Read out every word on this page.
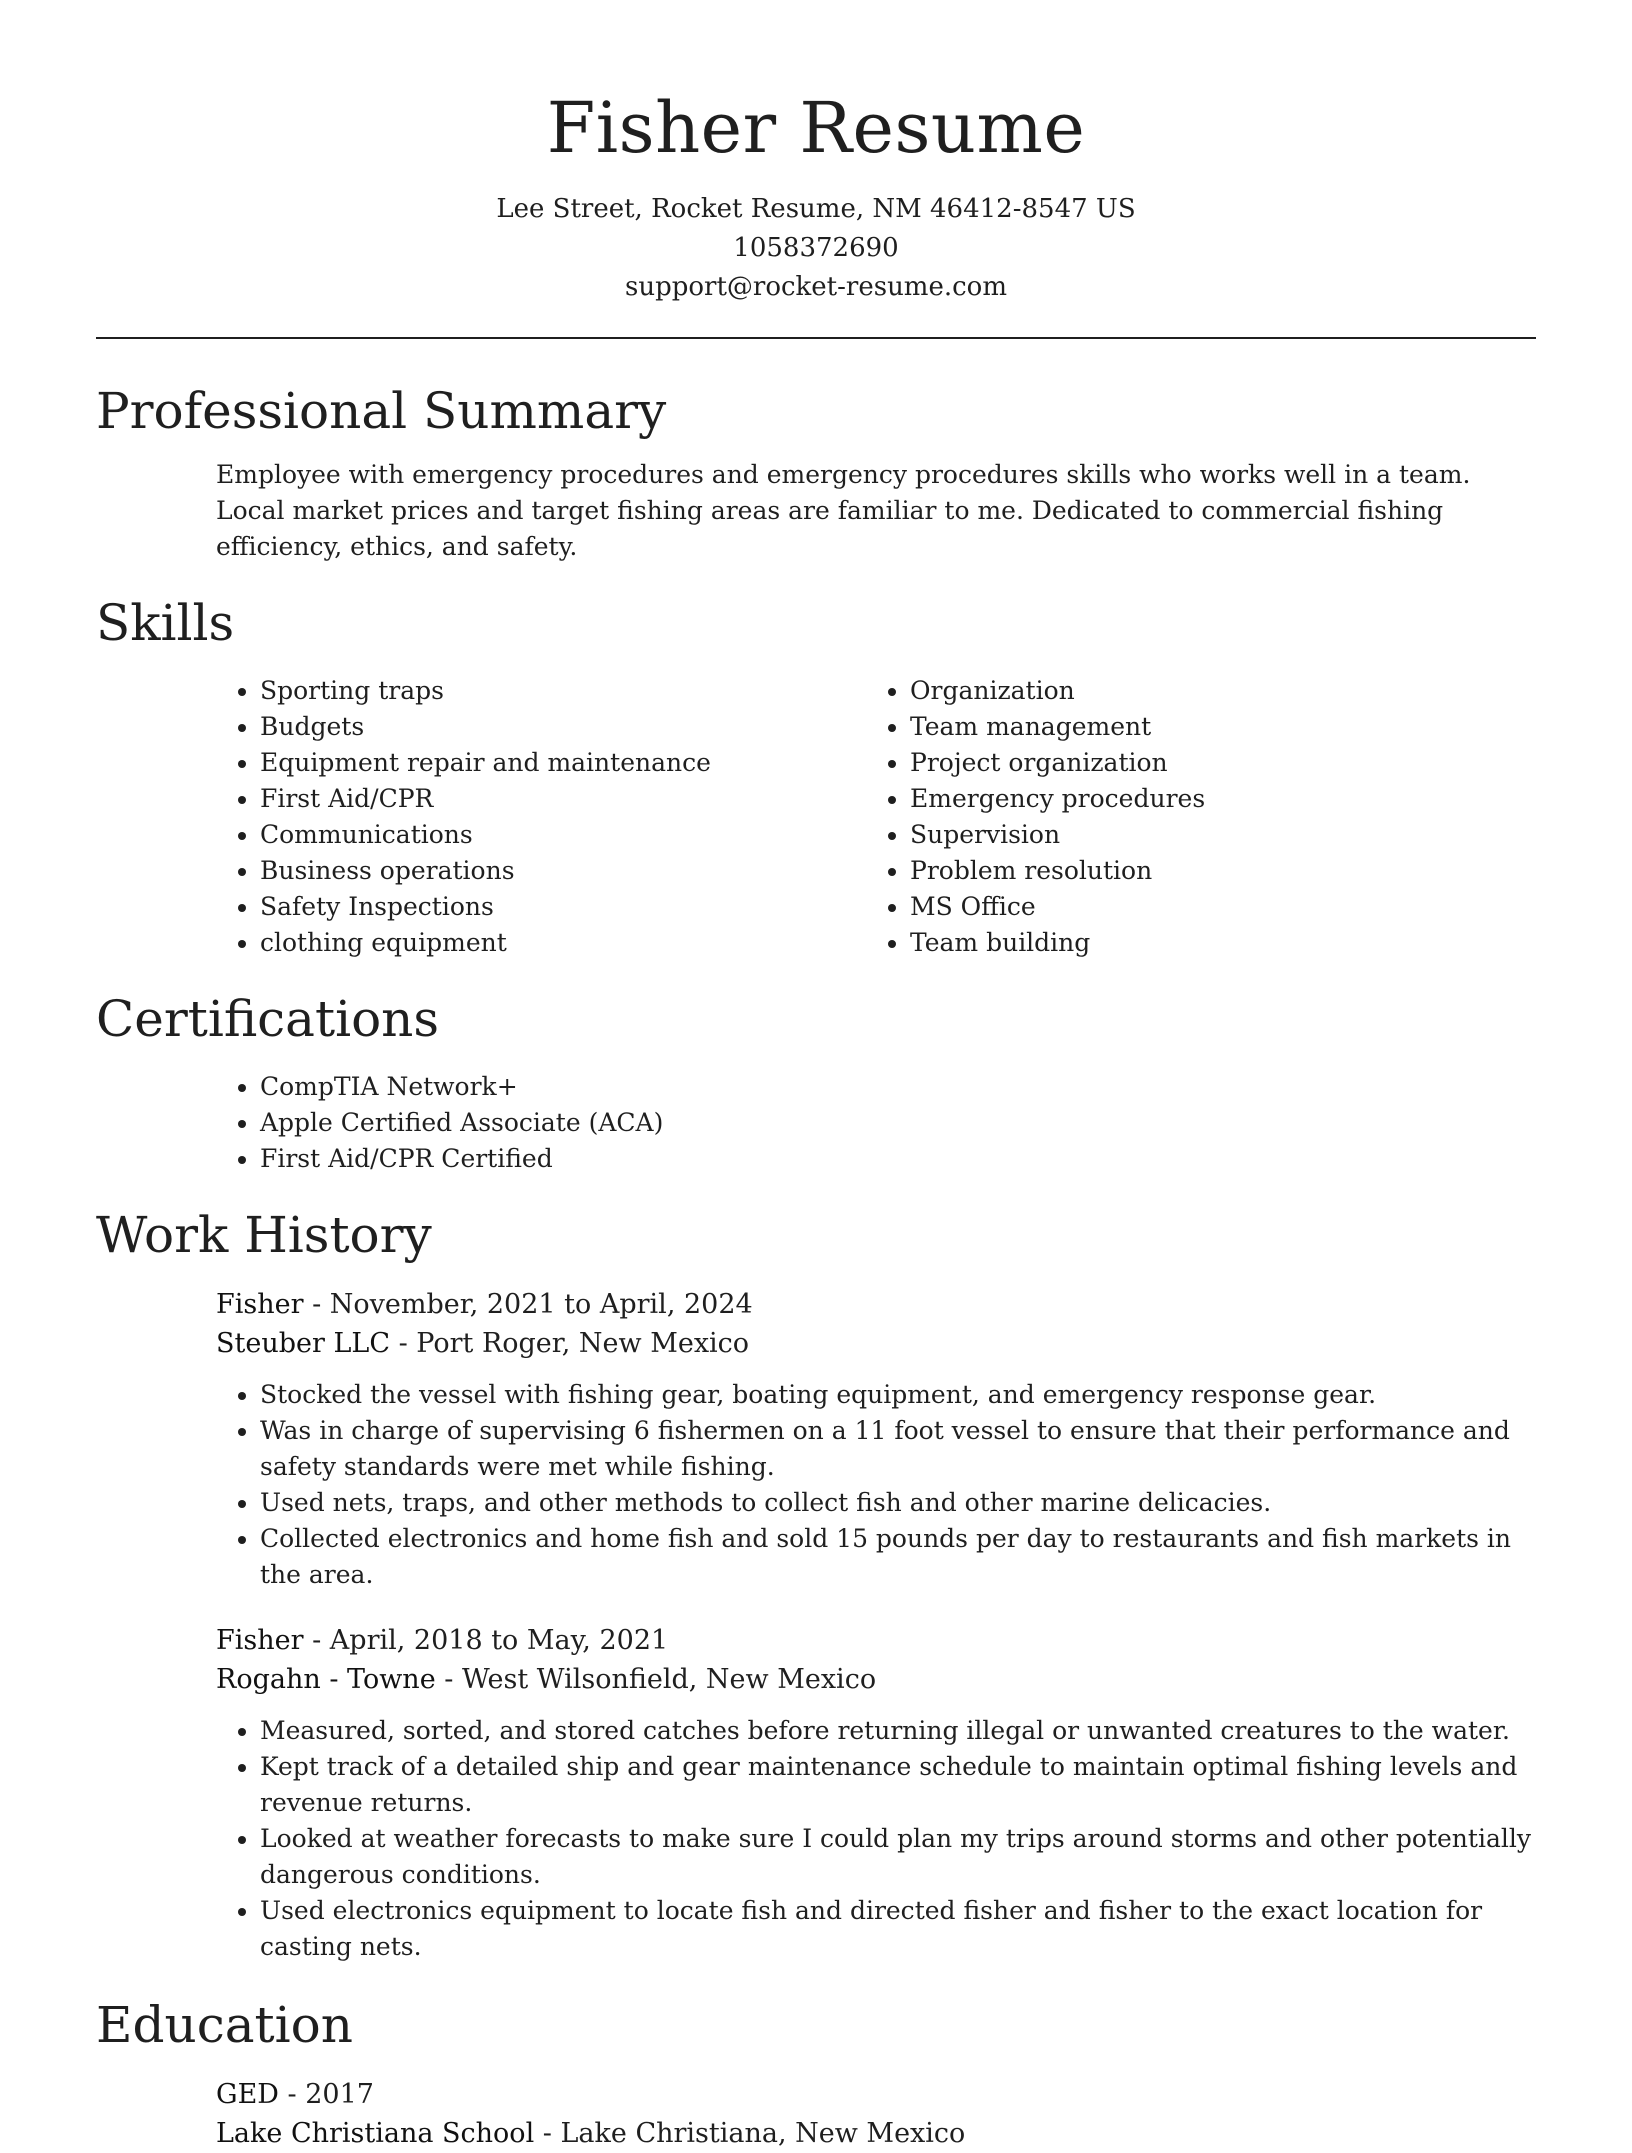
Fisher Resume
Lee Street, Rocket Resume, NM 46412-8547 US
1058372690
support@rocket-resume.com
Professional Summary

Employee with emergency procedures and emergency procedures skills who works well in a team. Local market prices and target fishing areas are familiar to me. Dedicated to commercial fishing efficiency, ethics, and safety.

Skills
• Sporting traps
• Budgets
• Equipment repair and maintenance
• First Aid/CPR
• Communications
• Business operations
• Safety Inspections
• clothing equipment
• Organization
• Team management
• Project organization
• Emergency procedures
• Supervision
• Problem resolution
• MS Office
• Team building
Certifications
• CompTIA Network+
• Apple Certified Associate (ACA)
• First Aid/CPR Certified
Work History
Fisher - November, 2021 to April, 2024
Steuber LLC - Port Roger, New Mexico
• Stocked the vessel with fishing gear, boating equipment, and emergency response gear.
• Was in charge of supervising 6 fishermen on a 11 foot vessel to ensure that their performance and safety standards were met while fishing.
• Used nets, traps, and other methods to collect fish and other marine delicacies.
• Collected electronics and home fish and sold 15 pounds per day to restaurants and fish markets in the area.
Fisher - April, 2018 to May, 2021
Rogahn - Towne - West Wilsonfield, New Mexico
• Measured, sorted, and stored catches before returning illegal or unwanted creatures to the water.
• Kept track of a detailed ship and gear maintenance schedule to maintain optimal fishing levels and revenue returns.
• Looked at weather forecasts to make sure I could plan my trips around storms and other potentially dangerous conditions.
• Used electronics equipment to locate fish and directed fisher and fisher to the exact location for casting nets.
Education
GED - 2017
Lake Christiana School - Lake Christiana, New Mexico
